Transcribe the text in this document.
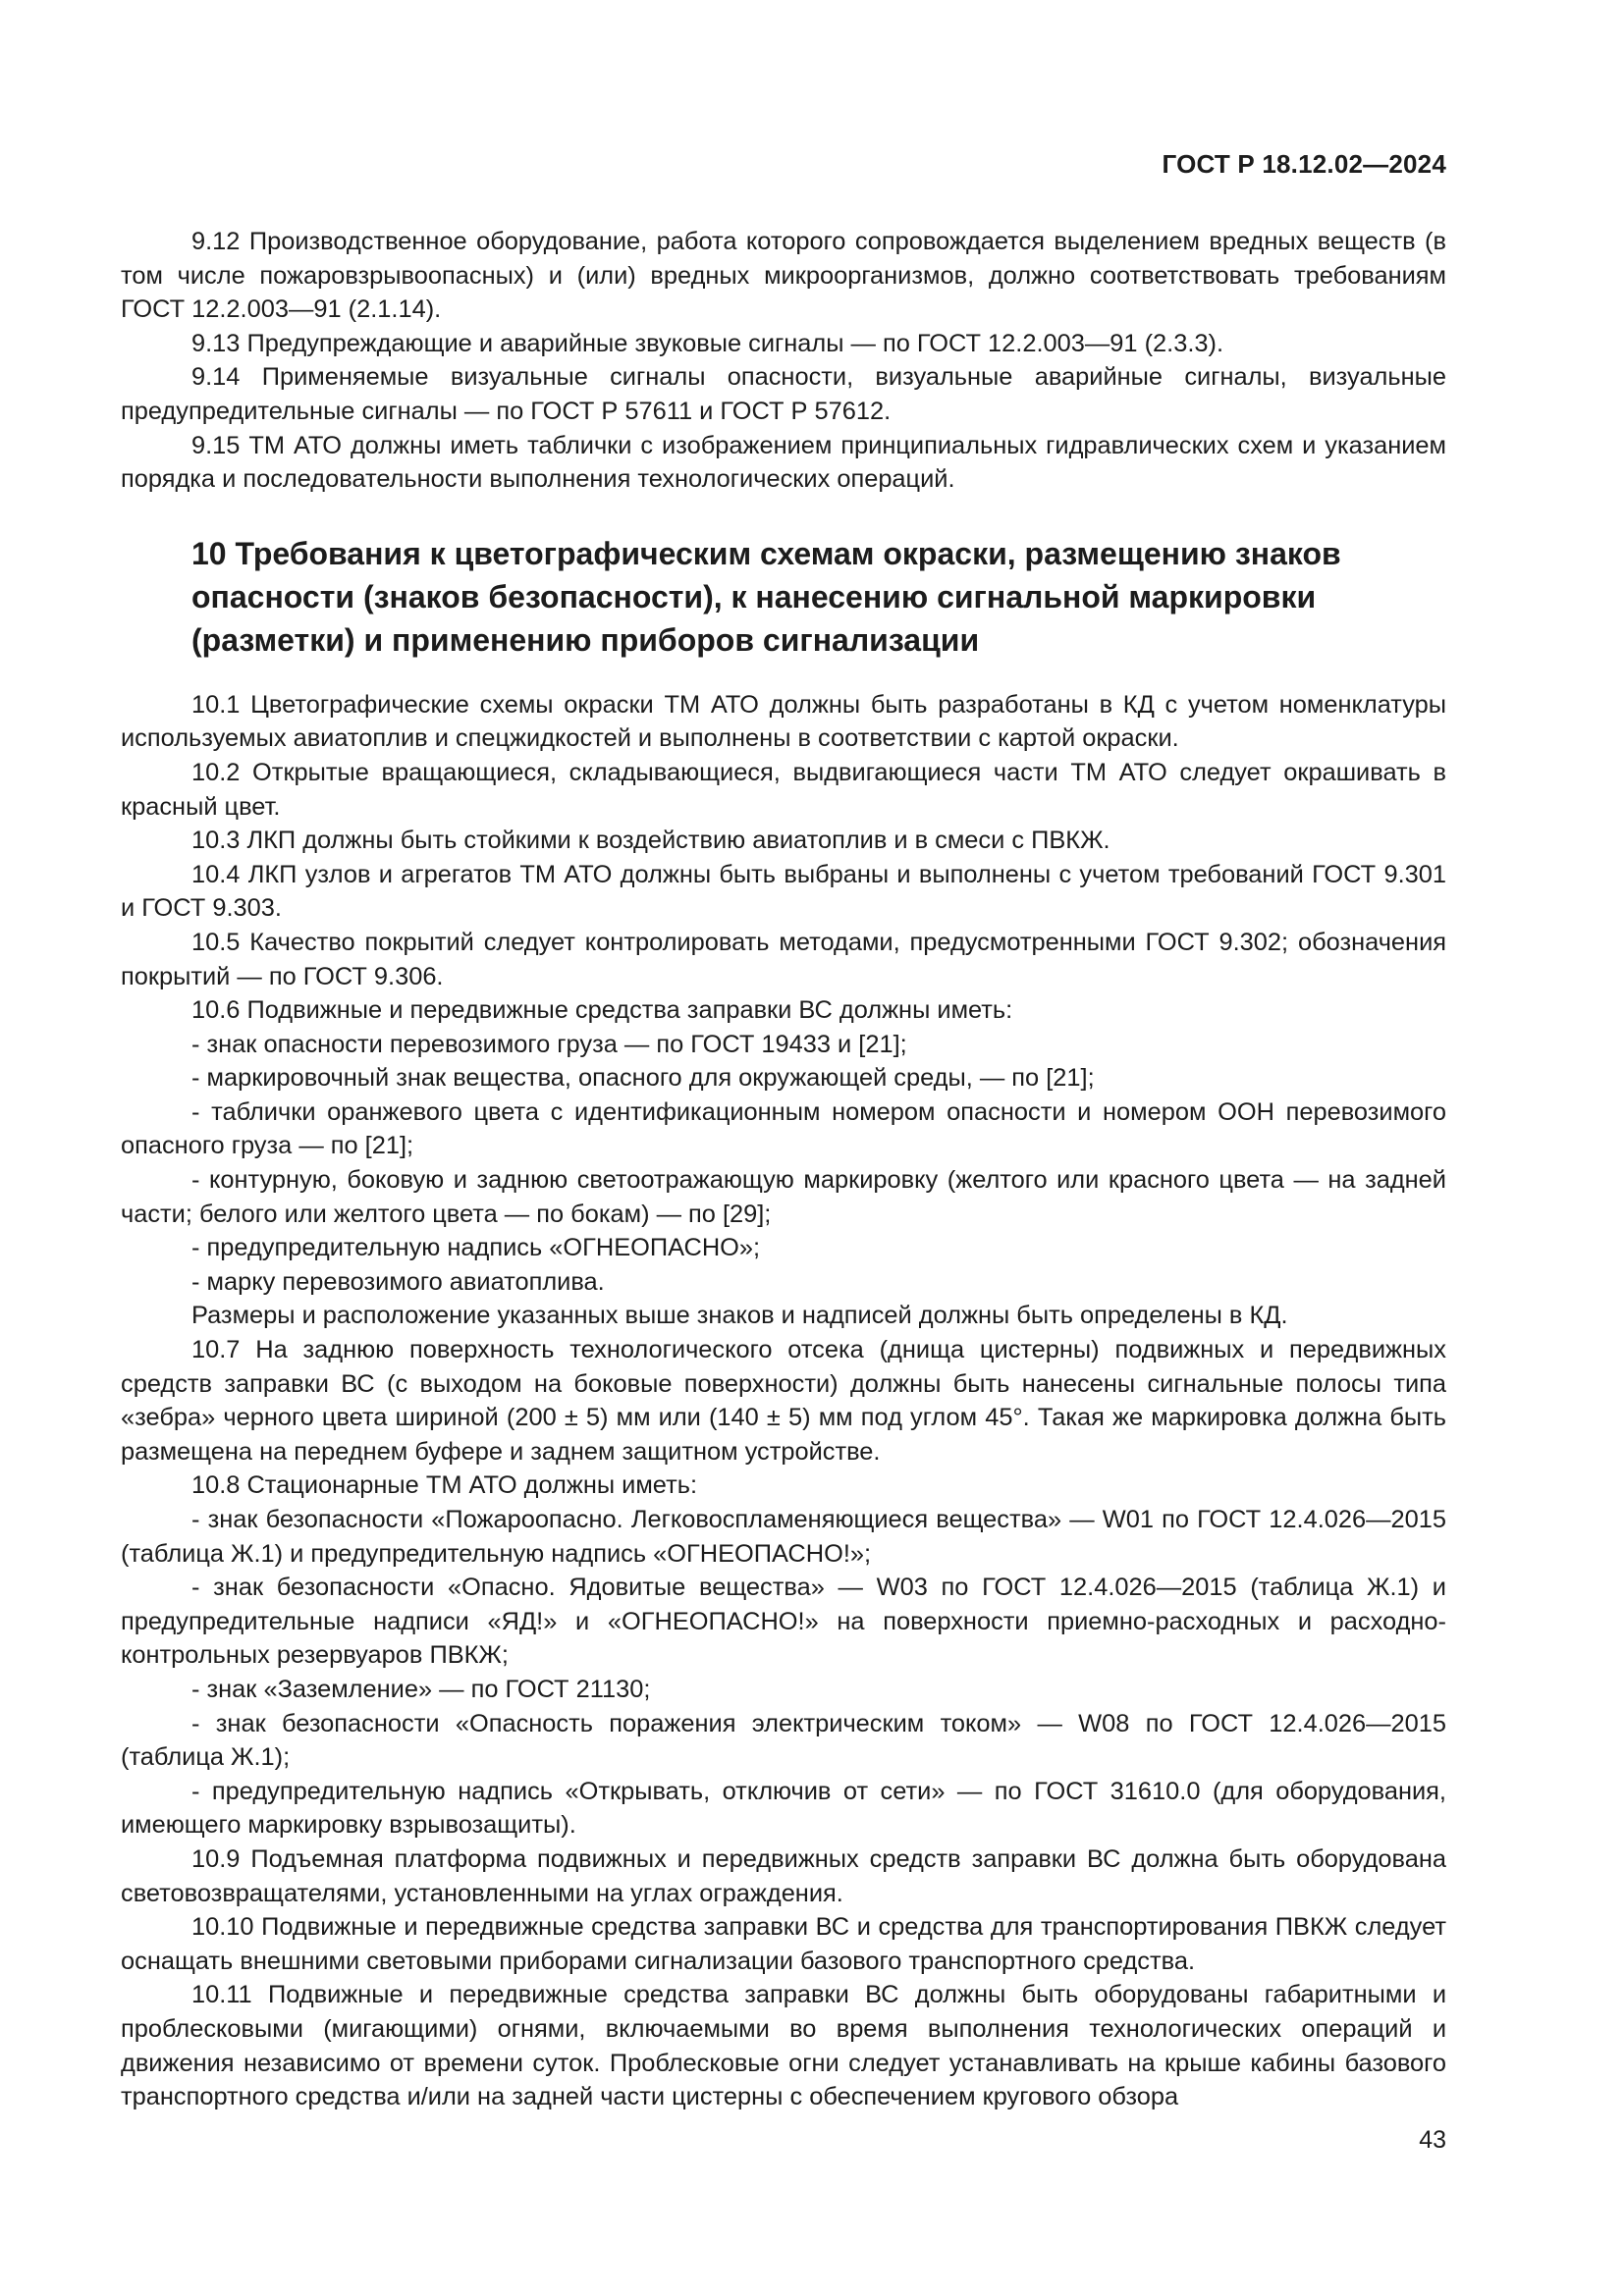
ГОСТ Р 18.12.02—2024

9.12 Производственное оборудование, работа которого сопровождается выделением вредных веществ (в том числе пожаровзрывоопасных) и (или) вредных микроорганизмов, должно соответствовать требованиям ГОСТ 12.2.003—91 (2.1.14).

9.13 Предупреждающие и аварийные звуковые сигналы — по ГОСТ 12.2.003—91 (2.3.3).

9.14 Применяемые визуальные сигналы опасности, визуальные аварийные сигналы, визуальные предупредительные сигналы — по ГОСТ Р 57611 и ГОСТ Р 57612.

9.15 ТМ АТО должны иметь таблички с изображением принципиальных гидравлических схем и указанием порядка и последовательности выполнения технологических операций.

10 Требования к цветографическим схемам окраски, размещению знаков опасности (знаков безопасности), к нанесению сигнальной маркировки (разметки) и применению приборов сигнализации

10.1 Цветографические схемы окраски ТМ АТО должны быть разработаны в КД с учетом номенклатуры используемых авиатоплив и спецжидкостей и выполнены в соответствии с картой окраски.

10.2 Открытые вращающиеся, складывающиеся, выдвигающиеся части ТМ АТО следует окрашивать в красный цвет.

10.3 ЛКП должны быть стойкими к воздействию авиатоплив и в смеси с ПВКЖ.

10.4 ЛКП узлов и агрегатов ТМ АТО должны быть выбраны и выполнены с учетом требований ГОСТ 9.301 и ГОСТ 9.303.

10.5 Качество покрытий следует контролировать методами, предусмотренными ГОСТ 9.302; обозначения покрытий — по ГОСТ 9.306.

10.6 Подвижные и передвижные средства заправки ВС должны иметь:

- знак опасности перевозимого груза — по ГОСТ 19433 и [21];

- маркировочный знак вещества, опасного для окружающей среды, — по [21];

- таблички оранжевого цвета с идентификационным номером опасности и номером ООН перевозимого опасного груза — по [21];

- контурную, боковую и заднюю светоотражающую маркировку (желтого или красного цвета — на задней части; белого или желтого цвета — по бокам) — по [29];

- предупредительную надпись «ОГНЕОПАСНО»;

- марку перевозимого авиатоплива.

Размеры и расположение указанных выше знаков и надписей должны быть определены в КД.

10.7 На заднюю поверхность технологического отсека (днища цистерны) подвижных и передвижных средств заправки ВС (с выходом на боковые поверхности) должны быть нанесены сигнальные полосы типа «зебра» черного цвета шириной (200 ± 5) мм или (140 ± 5) мм под углом 45°. Такая же маркировка должна быть размещена на переднем буфере и заднем защитном устройстве.

10.8 Стационарные ТМ АТО должны иметь:

- знак безопасности «Пожароопасно. Легковоспламеняющиеся вещества» — W01 по ГОСТ 12.4.026—2015 (таблица Ж.1) и предупредительную надпись «ОГНЕОПАСНО!»;

- знак безопасности «Опасно. Ядовитые вещества» — W03 по ГОСТ 12.4.026—2015 (таблица Ж.1) и предупредительные надписи «ЯД!» и «ОГНЕОПАСНО!» на поверхности приемно-расходных и расходно-контрольных резервуаров ПВКЖ;

- знак «Заземление» — по ГОСТ 21130;

- знак безопасности «Опасность поражения электрическим током» — W08 по ГОСТ 12.4.026—2015 (таблица Ж.1);

- предупредительную надпись «Открывать, отключив от сети» — по ГОСТ 31610.0 (для оборудования, имеющего маркировку взрывозащиты).

10.9 Подъемная платформа подвижных и передвижных средств заправки ВС должна быть оборудована световозвращателями, установленными на углах ограждения.

10.10 Подвижные и передвижные средства заправки ВС и средства для транспортирования ПВКЖ следует оснащать внешними световыми приборами сигнализации базового транспортного средства.

10.11 Подвижные и передвижные средства заправки ВС должны быть оборудованы габаритными и проблесковыми (мигающими) огнями, включаемыми во время выполнения технологических операций и движения независимо от времени суток. Проблесковые огни следует устанавливать на крыше кабины базового транспортного средства и/или на задней части цистерны с обеспечением кругового обзора

43
